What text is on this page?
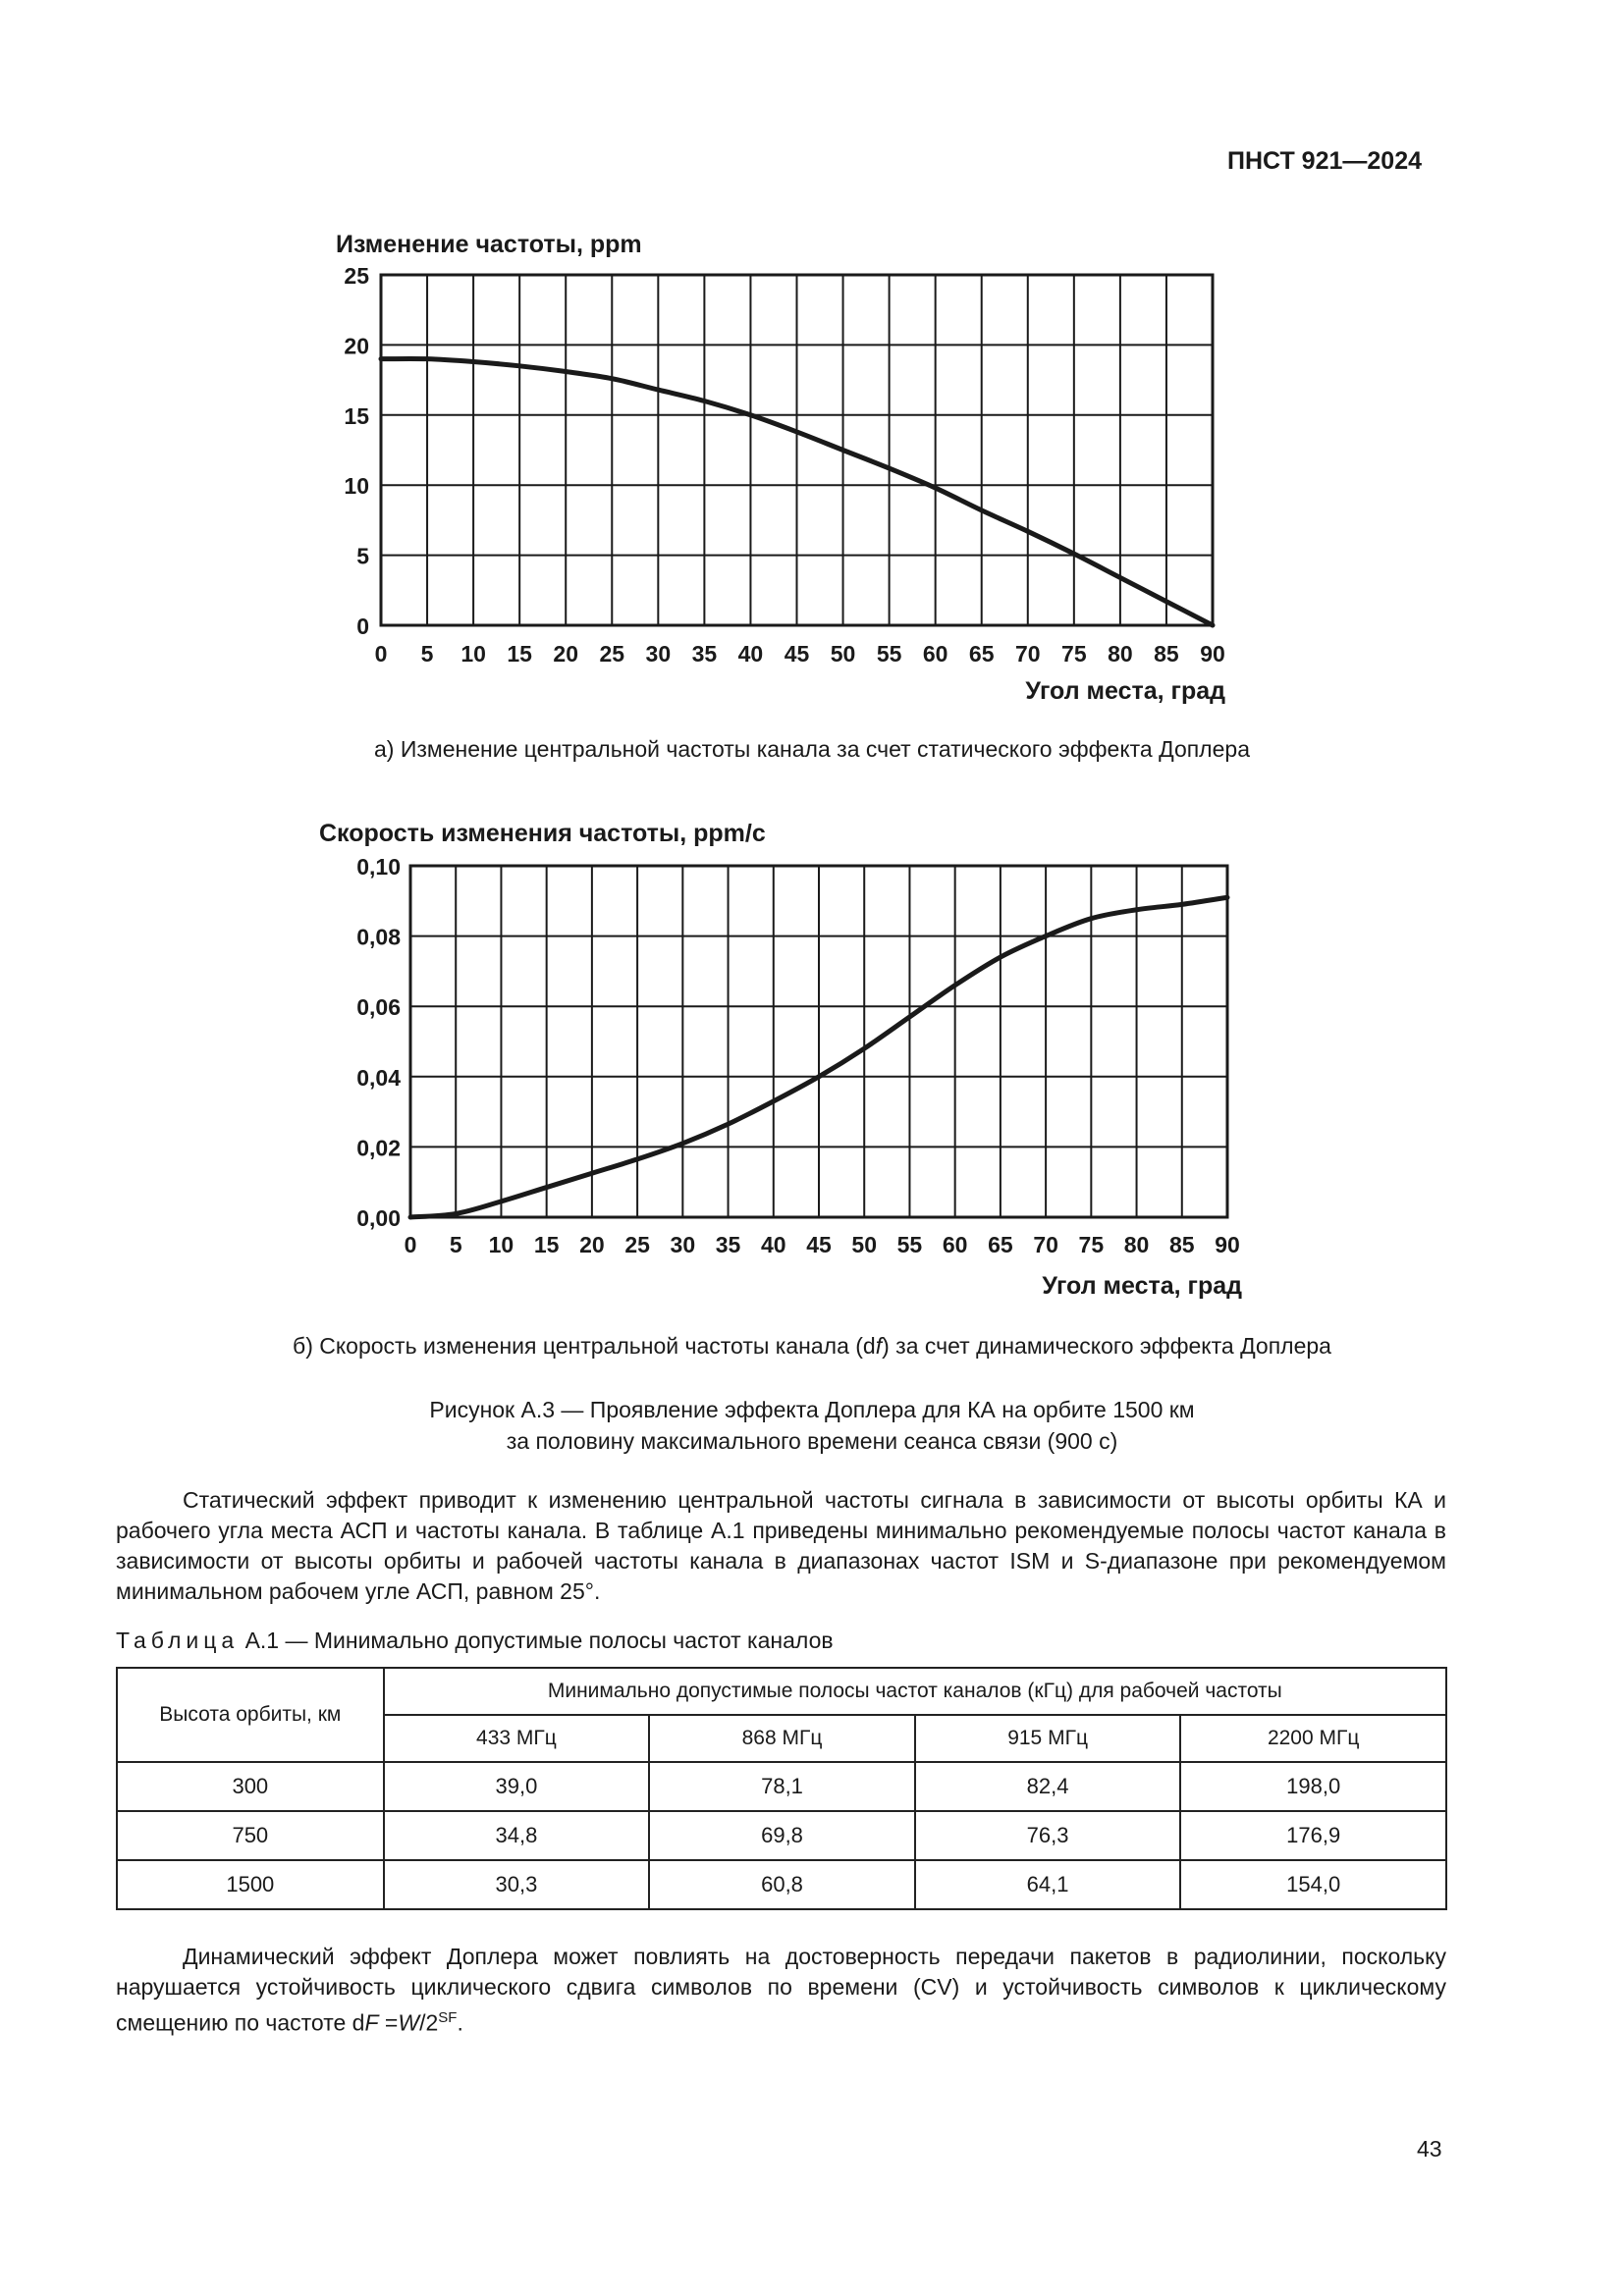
ПНСТ 921—2024
0 5 10 15 20 25 30 35 40 45 50 55 60 65 70 75 80 85 90
0
5
10
15
20
25
Изменение частоты, ppm
Угол места, град
0 5 10 15 20 25 30 35 40 45 50 55 60 65 70 75 80 85 90
0,00
0,02
0,04
0,06
0,08
0,10
Скорость изменения частоты, ppm/с
Угол места, град
а) Изменение центральной частоты канала за счет статического эффекта Доплера
б) Скорость изменения центральной частоты канала (df) за счет динамического эффекта Доплера
Рисунок А.3 — Проявление эффекта Доплера для КА на орбите 1500 км
за половину максимального времени сеанса связи (900 с)
Статический эффект приводит к изменению центральной частоты сигнала в зависимости от высоты орбиты КА и рабочего угла места АСП и частоты канала. В таблице А.1 приведены минимально рекомендуемые полосы частот канала в зависимости от высоты орбиты и рабочей частоты канала в диапазонах частот ISM и S-диапазоне при рекомендуемом минимальном рабочем угле АСП, равном 25°.
Таблица А.1 — Минимально допустимые полосы частот каналов
Высота орбиты, км	Минимально допустимые полосы частот каналов (кГц) для рабочей частоты			
	433 МГц	868 МГц	915 МГц	2200 МГц
300	39,0	78,1	82,4	198,0
750	34,8	69,8	76,3	176,9
1500	30,3	60,8	64,1	154,0
Динамический эффект Доплера может повлиять на достоверность передачи пакетов в радиолинии, поскольку нарушается устойчивость циклического сдвига символов по времени (CV) и устойчивость символов к циклическому смещению по частоте dF $=W/2^{SF}$.
43
